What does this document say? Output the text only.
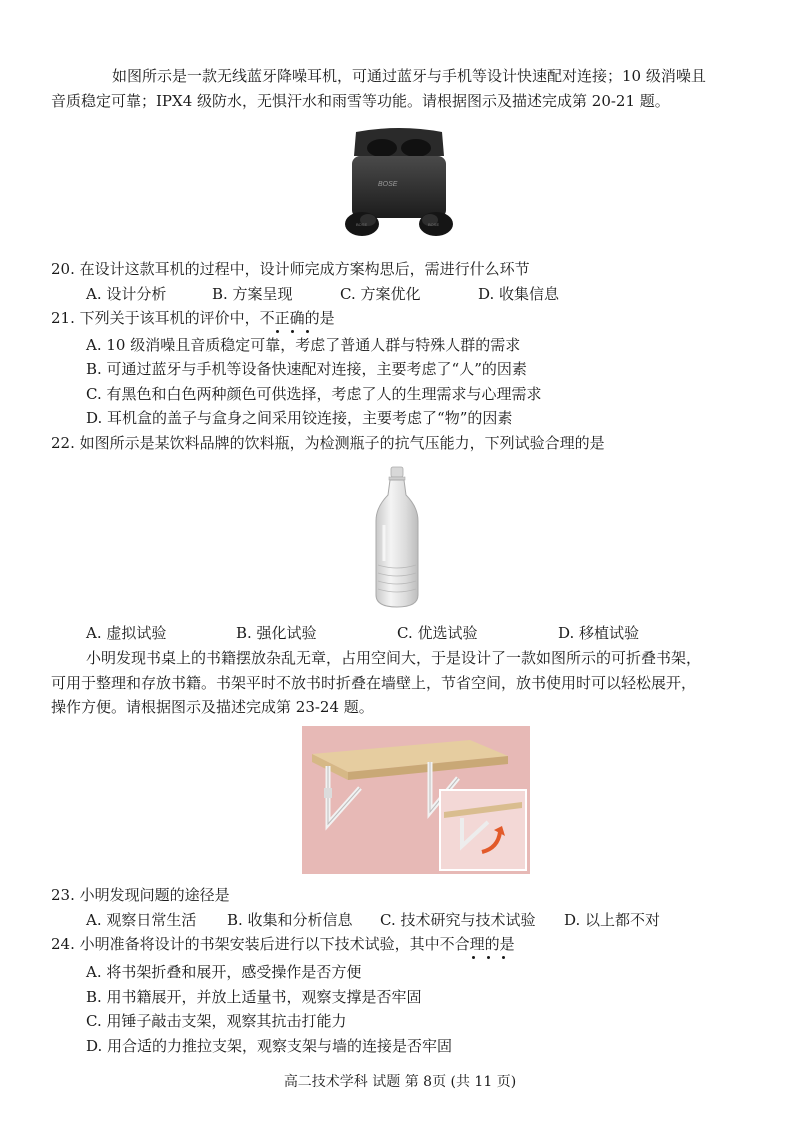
如图所示是一款无线蓝牙降噪耳机，可通过蓝牙与手机等设计快速配对连接；10 级消噪且
音质稳定可靠；IPX4 级防水，无惧汗水和雨雪等功能。请根据图示及描述完成第 20-21 题。
BOSE
BOSE	BOSE
20. 在设计这款耳机的过程中，设计师完成方案构思后，需进行什么环节
A. 设计分析	B. 方案呈现	C. 方案优化	D. 收集信息
21. 下列关于该耳机的评价中，不正确的是
A. 10 级消噪且音质稳定可靠，考虑了普通人群与特殊人群的需求
B. 可通过蓝牙与手机等设备快速配对连接，主要考虑了“人”的因素
C. 有黑色和白色两种颜色可供选择，考虑了人的生理需求与心理需求
D. 耳机盒的盖子与盒身之间采用铰连接，主要考虑了“物”的因素
22. 如图所示是某饮料品牌的饮料瓶，为检测瓶子的抗气压能力，下列试验合理的是
A. 虚拟试验	B. 强化试验	C. 优选试验	D. 移植试验
小明发现书桌上的书籍摆放杂乱无章，占用空间大，于是设计了一款如图所示的可折叠书架，
可用于整理和存放书籍。书架平时不放书时折叠在墙壁上，节省空间，放书使用时可以轻松展开，
操作方便。请根据图示及描述完成第 23-24 题。
23. 小明发现问题的途径是
A. 观察日常生活 B. 收集和分析信息 C. 技术研究与技术试验 D. 以上都不对
24. 小明准备将设计的书架安装后进行以下技术试验，其中不合理的是
A. 将书架折叠和展开，感受操作是否方便
B. 用书籍展开，并放上适量书，观察支撑是否牢固
C. 用锤子敲击支架，观察其抗击打能力
D. 用合适的力推拉支架，观察支架与墙的连接是否牢固
高二技术学科 试题 第 8页 (共 11 页)
